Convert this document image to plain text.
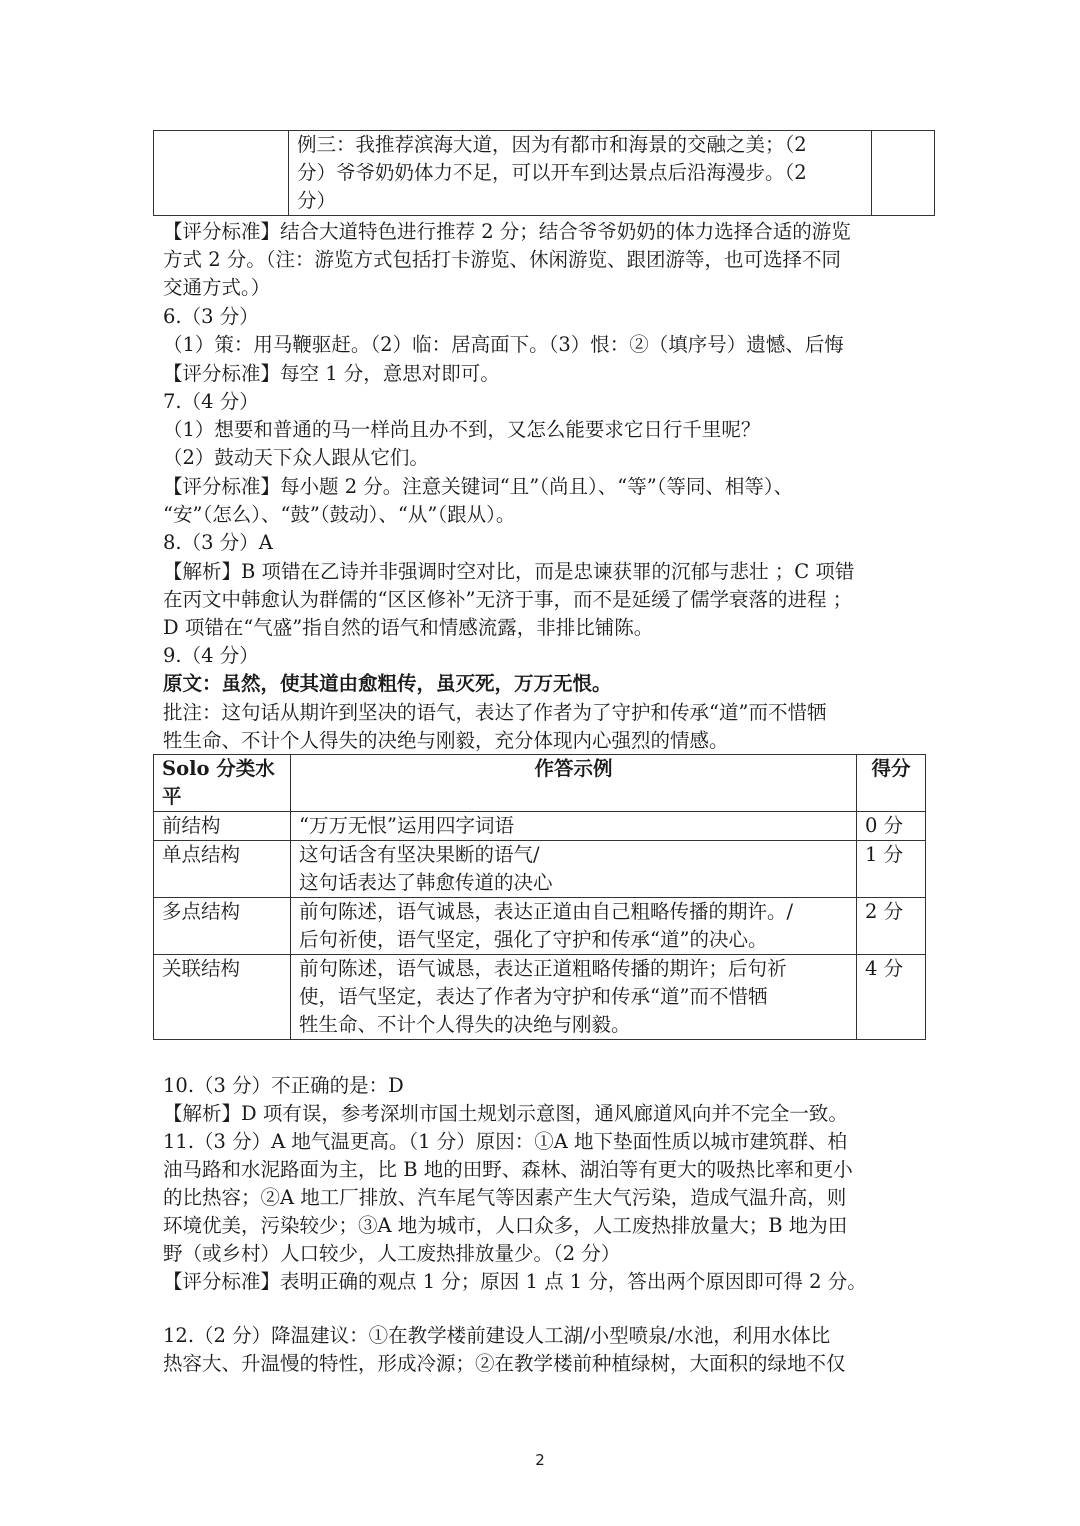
例三：我推荐滨海大道，因为有都市和海景的交融之美；（2
分）爷爷奶奶体力不足，可以开车到达景点后沿海漫步。（2
分）

【评分标准】结合大道特色进行推荐 2 分；结合爷爷奶奶的体力选择合适的游览
方式 2 分。（注：游览方式包括打卡游览、休闲游览、跟团游等，也可选择不同
交通方式。）
6.（3 分）
（1）策：用马鞭驱赶。（2）临：居高面下。（3）恨：②（填序号）遗憾、后悔
【评分标准】每空 1 分，意思对即可。
7.（4 分）
（1）想要和普通的马一样尚且办不到，又怎么能要求它日行千里呢？
（2）鼓动天下众人跟从它们。
【评分标准】每小题 2 分。注意关键词“且”（尚且）、“等”（等同、相等）、
“安”（怎么）、“鼓”（鼓动）、“从”（跟从）。
8.（3 分）A
【解析】B 项错在乙诗并非强调时空对比，而是忠谏获罪的沉郁与悲壮 ；C 项错
在丙文中韩愈认为群儒的“区区修补”无济于事，而不是延缓了儒学衰落的进程 ；
D 项错在“气盛”指自然的语气和情感流露，非排比铺陈。
9.（4 分）
原文：虽然，使其道由愈粗传，虽灭死，万万无恨。
批注：这句话从期许到坚决的语气，表达了作者为了守护和传承“道”而不惜牺
牲生命、不计个人得失的决绝与刚毅，充分体现内心强烈的情感。
Solo 分类水平	作答示例	得分
前结构	“万万无恨”运用四字词语	0 分
单点结构	这句话含有坚决果断的语气/
这句话表达了韩愈传道的决心	1 分
多点结构	前句陈述，语气诚恳，表达正道由自己粗略传播的期许。/
后句祈使，语气坚定，强化了守护和传承“道”的决心。	2 分
关联结构	前句陈述，语气诚恳，表达正道粗略传播的期许；后句祈
使，语气坚定，表达了作者为守护和传承“道”而不惜牺
牲生命、不计个人得失的决绝与刚毅。	4 分
10.（3 分）不正确的是：D
【解析】D 项有误，参考深圳市国土规划示意图，通风廊道风向并不完全一致。
11.（3 分）A 地气温更高。（1 分）原因：①A 地下垫面性质以城市建筑群、柏
油马路和水泥路面为主，比 B 地的田野、森林、湖泊等有更大的吸热比率和更小
的比热容；②A 地工厂排放、汽车尾气等因素产生大气污染，造成气温升高，则
环境优美，污染较少；③A 地为城市，人口众多，人工废热排放量大；B 地为田
野（或乡村）人口较少，人工废热排放量少。（2 分）
【评分标准】表明正确的观点 1 分；原因 1 点 1 分，答出两个原因即可得 2 分。
12.（2 分）降温建议：①在教学楼前建设人工湖/小型喷泉/水池，利用水体比
热容大、升温慢的特性，形成冷源；②在教学楼前种植绿树，大面积的绿地不仅
2
